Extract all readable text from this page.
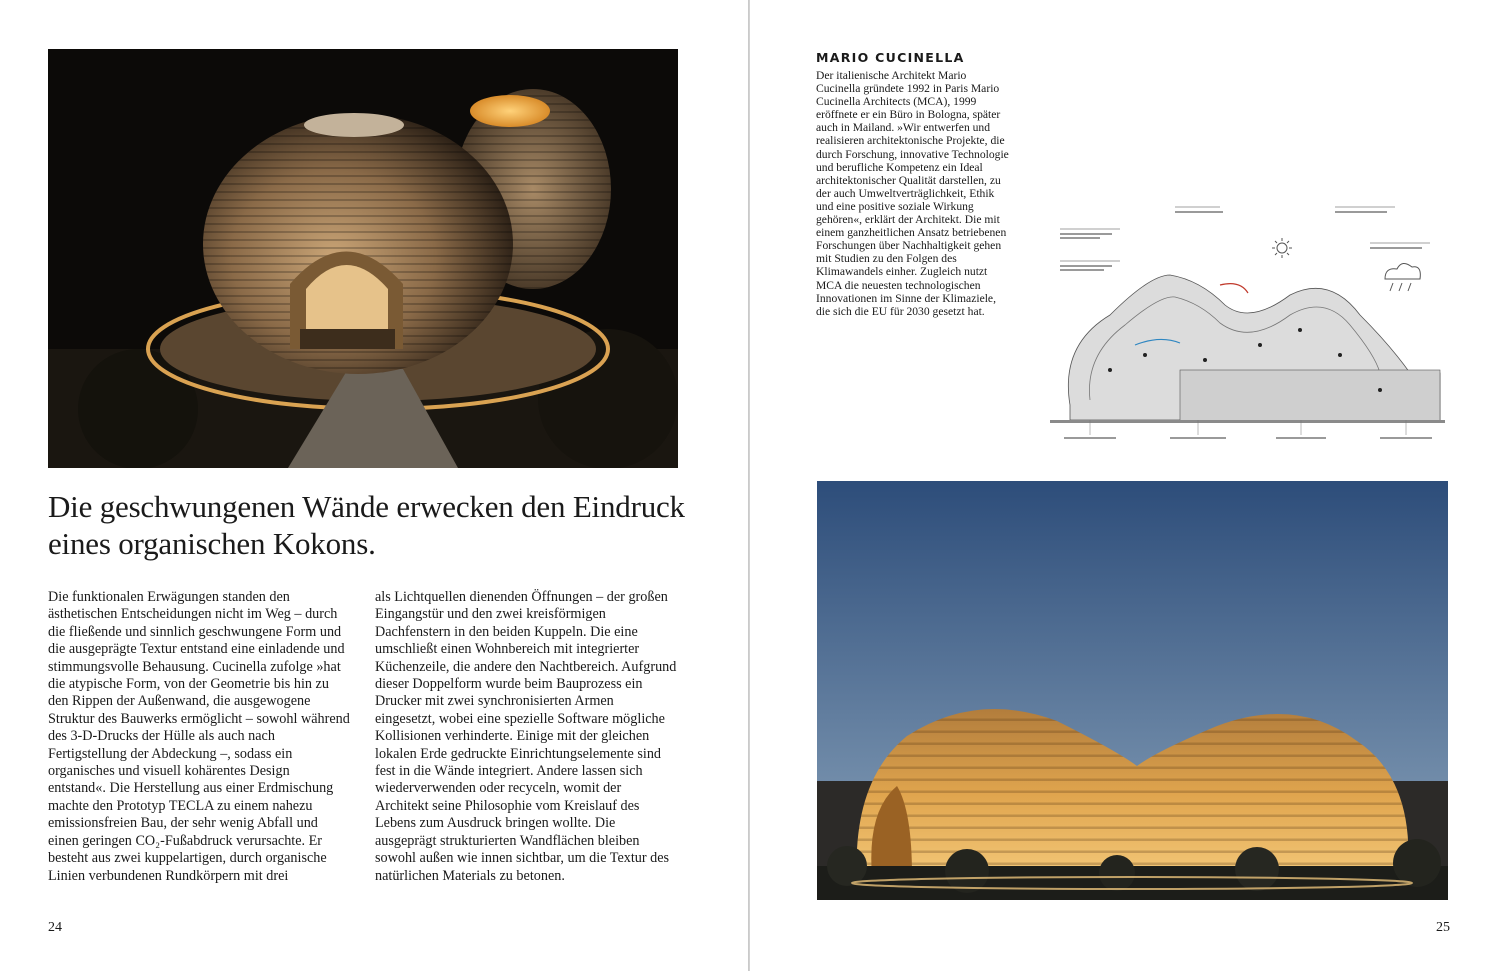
Die geschwungenen Wände erwecken den Eindruck eines organischen Kokons.

Die funktionalen Erwägungen standen den ästhetischen Entscheidungen nicht im Weg – durch die fließende und sinnlich geschwungene Form und die ausgeprägte Textur entstand eine einladende und stimmungsvolle Behausung. Cucinella zufolge »hat die atypische Form, von der Geometrie bis hin zu den Rippen der Außenwand, die ausgewogene Struktur des Bauwerks ermöglicht – sowohl während des 3-D-Drucks der Hülle als auch nach Fertigstellung der Abdeckung –, sodass ein organisches und visuell kohärentes Design entstand«. Die Herstellung aus einer Erdmischung machte den Prototyp TECLA zu einem nahezu emissionsfreien Bau, der sehr wenig Abfall und einen geringen CO₂-Fußabdruck verursachte. Er besteht aus zwei kuppelartigen, durch organische Linien verbundenen Rundkörpern mit drei

als Lichtquellen dienenden Öffnungen – der großen Eingangstür und den zwei kreisförmigen Dachfenstern in den beiden Kuppeln. Die eine umschließt einen Wohnbereich mit integrierter Küchenzeile, die andere den Nachtbereich. Aufgrund dieser Doppelform wurde beim Bauprozess ein Drucker mit zwei synchronisierten Armen eingesetzt, wobei eine spezielle Software mögliche Kollisionen verhinderte. Einige mit der gleichen lokalen Erde gedruckte Einrichtungselemente sind fest in die Wände integriert. Andere lassen sich wiederverwenden oder recyceln, womit der Architekt seine Philosophie vom Kreislauf des Lebens zum Ausdruck bringen wollte. Die ausgeprägt strukturierten Wandflächen bleiben sowohl außen wie innen sichtbar, um die Textur des natürlichen Materials zu betonen.

24
MARIO CUCINELLA

Der italienische Architekt Mario Cucinella gründete 1992 in Paris Mario Cucinella Architects (MCA), 1999 eröffnete er ein Büro in Bologna, später auch in Mailand. »Wir entwerfen und realisieren architektonische Projekte, die durch Forschung, innovative Technologie und berufliche Kompetenz ein Ideal architektonischer Qualität darstellen, zu der auch Umweltverträglichkeit, Ethik und eine positive soziale Wirkung gehören«, erklärt der Architekt. Die mit einem ganzheitlichen Ansatz betriebenen Forschungen über Nachhaltigkeit gehen mit Studien zu den Folgen des Klimawandels einher. Zugleich nutzt MCA die neuesten technologischen Innovationen im Sinne der Klimaziele, die sich die EU für 2030 gesetzt hat.

25
